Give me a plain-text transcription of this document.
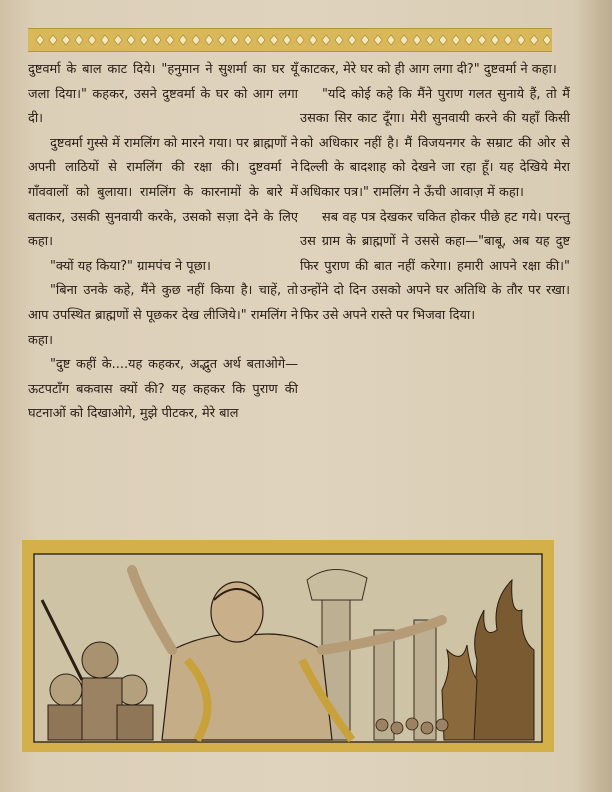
दुष्टवर्मा के बाल काट दिये। "हनुमान ने सुशर्मा का घर यूँ जला दिया।" कहकर, उसने दुष्टवर्मा के घर को आग लगा दी।

दुष्टवर्मा गुस्से में रामलिंग को मारने गया। पर ब्राह्मणों ने अपनी लाठियों से रामलिंग की रक्षा की। दुष्टवर्मा ने गाँववालों को बुलाया। रामलिंग के कारनामों के बारे में बताकर, उसकी सुनवायी करके, उसको सज़ा देने के लिए कहा।

"क्यों यह किया?" ग्रामपंच ने पूछा।

"बिना उनके कहे, मैंने कुछ नहीं किया है। चाहें, तो आप उपस्थित ब्राह्मणों से पूछकर देख लीजिये।" रामलिंग ने कहा।

"दुष्ट कहीं के....यह कहकर, अद्भुत अर्थ बताओगे—ऊटपटाँग बकवास क्यों की? यह कहकर कि पुराण की घटनाओं को दिखाओगे, मुझे पीटकर, मेरे बाल

काटकर, मेरे घर को ही आग लगा दी?" दुष्टवर्मा ने कहा।

"यदि कोई कहे कि मैंने पुराण गलत सुनाये हैं, तो मैं उसका सिर काट दूँगा। मेरी सुनवायी करने की यहाँ किसी को अधिकार नहीं है। मैं विजयनगर के सम्राट की ओर से दिल्ली के बादशाह को देखने जा रहा हूँ। यह देखिये मेरा अधिकार पत्र।" रामलिंग ने ऊँची आवाज़ में कहा।

सब वह पत्र देखकर चकित होकर पीछे हट गये। परन्तु उस ग्राम के ब्राह्मणों ने उससे कहा—"बाबू, अब यह दुष्ट फिर पुराण की बात नहीं करेगा। हमारी आपने रक्षा की।" उन्होंने दो दिन उसको अपने घर अतिथि के तौर पर रखा। फिर उसे अपने रास्ते पर भिजवा दिया।
